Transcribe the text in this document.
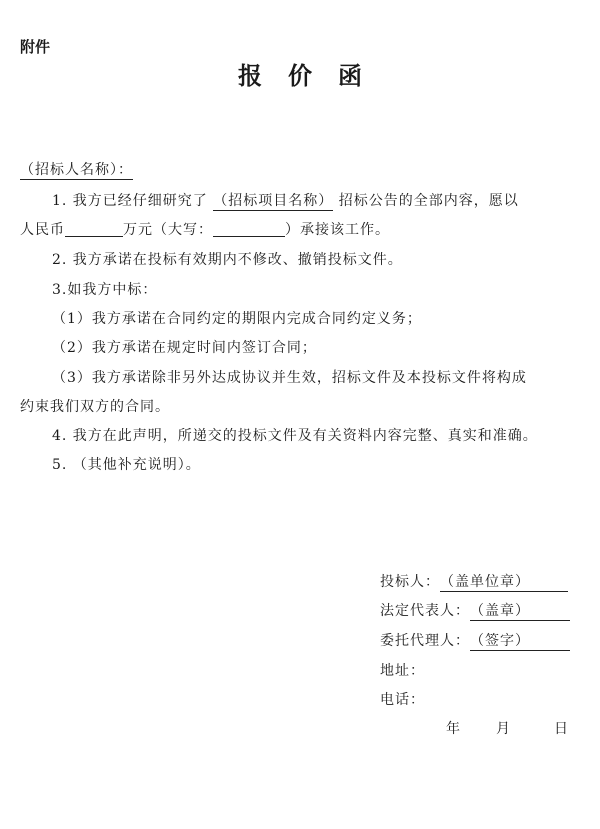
附件
报价函
（招标人名称）：
1. 我方已经仔细研究了 （招标项目名称） 招标公告的全部内容，愿以
人民币	万元（大写：	）承接该工作。
2. 我方承诺在投标有效期内不修改、撤销投标文件。
3.如我方中标：
（1）我方承诺在合同约定的期限内完成合同约定义务；
（2）我方承诺在规定时间内签订合同；
（3）我方承诺除非另外达成协议并生效，招标文件及本投标文件将构成
约束我们双方的合同。
4. 我方在此声明，所递交的投标文件及有关资料内容完整、真实和准确。
5. （其他补充说明）。
投标人：（盖单位章）
法定代表人：（盖章）
委托代理人：（签字）
地址：
电话：
年	月	日
